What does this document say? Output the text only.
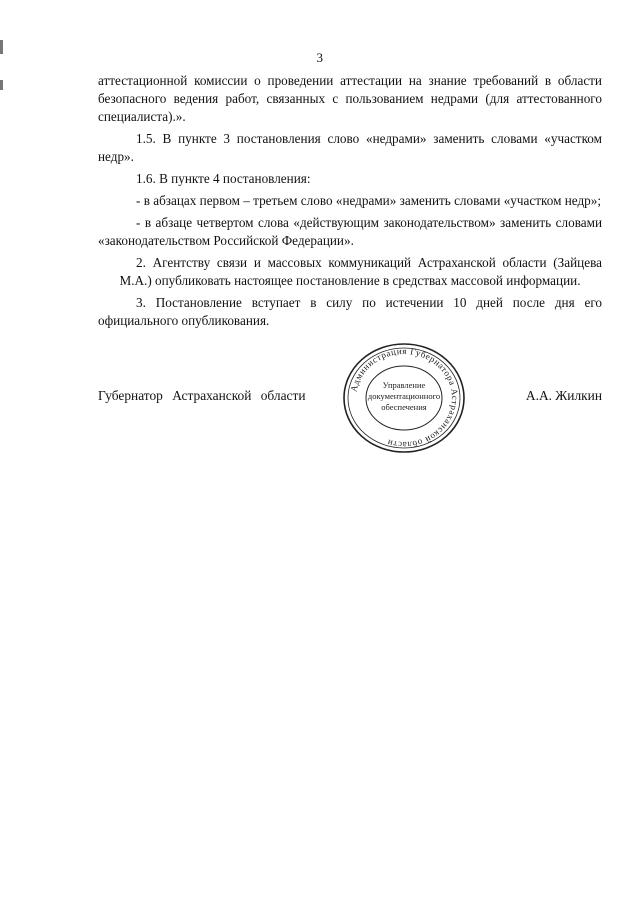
3

аттестационной комиссии о проведении аттестации на знание требований в области безопасного ведения работ, связанных с пользованием недрами (для аттестованного специалиста).».

1.5. В пункте 3 постановления слово «недрами» заменить словами «участком недр».

1.6. В пункте 4 постановления:

- в абзацах первом – третьем слово «недрами» заменить словами «участком недр»;

- в абзаце четвертом слова «действующим законодательством» заменить словами «законодательством Российской Федерации».

2. Агентству связи и массовых коммуникаций Астраханской области (Зайцева М.А.) опубликовать настоящее постановление в средствах массовой информации.

3. Постановление вступает в силу по истечении 10 дней после дня его официального опубликования.

Администрация Губернатора Астраханской области
Управление
документационного
обеспечения
Губернатор Астраханской области	А.А. Жилкин
